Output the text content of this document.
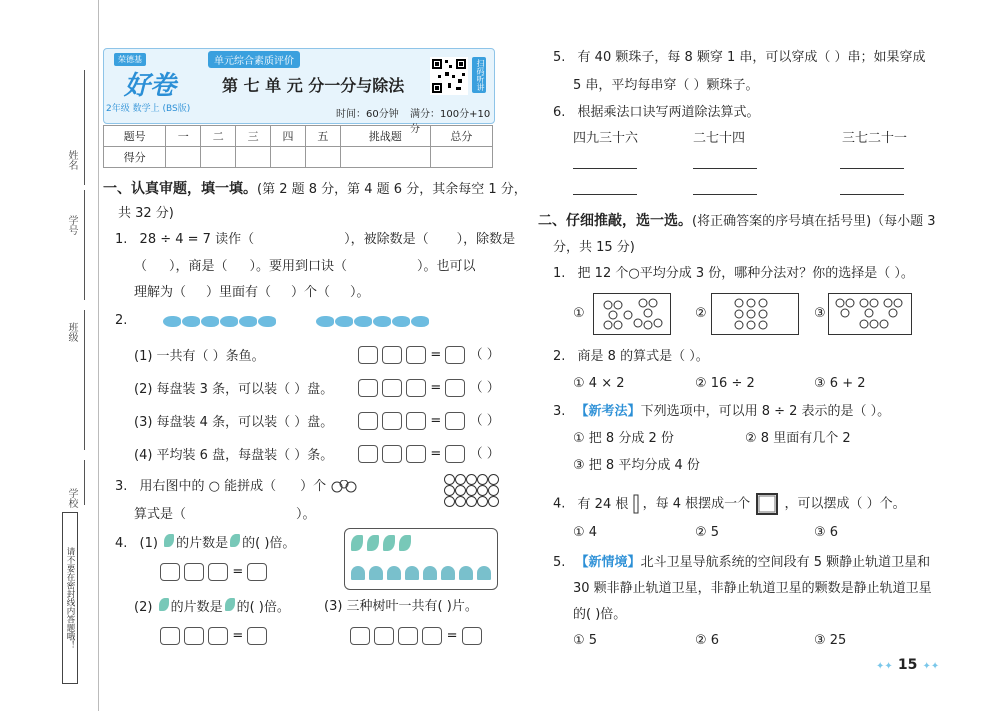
姓名
学号
班级
学校
请不要在密封线内答题哦！
荣德基
好卷
2年级 数学上 (BS版)
单元综合素质评价
第 七 单 元 分一分与除法
时间：60分钟 满分：100分+10分
扫码听讲
题号	一	二	三	四	五	挑战题	总分
得分							
一、认真审题，填一填。(第 2 题 8 分，第 4 题 6 分，其余每空 1 分，
共 32 分)
1. 28 ÷ 4 = 7 读作（	），被除数是（ ），除数是
（ ），商是（ ）。要用到口诀（	）。也可以
理解为（ ）里面有（ ）个（ ）。
2.
(1) 一共有（ ）条鱼。
(2) 每盘装 3 条，可以装（ ）盘。
(3) 每盘装 4 条，可以装（ ）盘。
(4) 平均装 6 盘，每盘装（ ）条。
= （ ）
= （ ）
= （ ）
= （ ）
3. 用右图中的 ○ 能拼成（ ）个
算式是（	）。

4. (1) 的片数是 的( )倍。
=
(2) 的片数是 的( )倍。	(3) 三种树叶一共有( )片。
=	=
5. 有 40 颗珠子，每 8 颗穿 1 串，可以穿成（ ）串；如果穿成
5 串，平均每串穿（ ）颗珠子。
6. 根据乘法口诀写两道除法算式。
四九三十六	二七十四	三七二十一
二、仔细推敲，选一选。(将正确答案的序号填在括号里)（每小题 3
分，共 15 分)
1. 把 12 个○平均分成 3 份，哪种分法对？你的选择是（ ）。
①	②	③
2. 商是 8 的算式是（ ）。
① 4 × 2	② 16 ÷ 2	③ 6 + 2
3. 【新考法】下列选项中，可以用 8 ÷ 2 表示的是（ ）。
① 把 8 分成 2 份	② 8 里面有几个 2
③ 把 8 平均分成 4 份
4. 有 24 根 ，每 4 根摆成一个	，可以摆成（ ）个。
① 4	② 5	③ 6
5. 【新情境】北斗卫星导航系统的空间段有 5 颗静止轨道卫星和
30 颗非静止轨道卫星，非静止轨道卫星的颗数是静止轨道卫星
的( )倍。
① 5	② 6	③ 25
✦✦ 15 ✦✦
